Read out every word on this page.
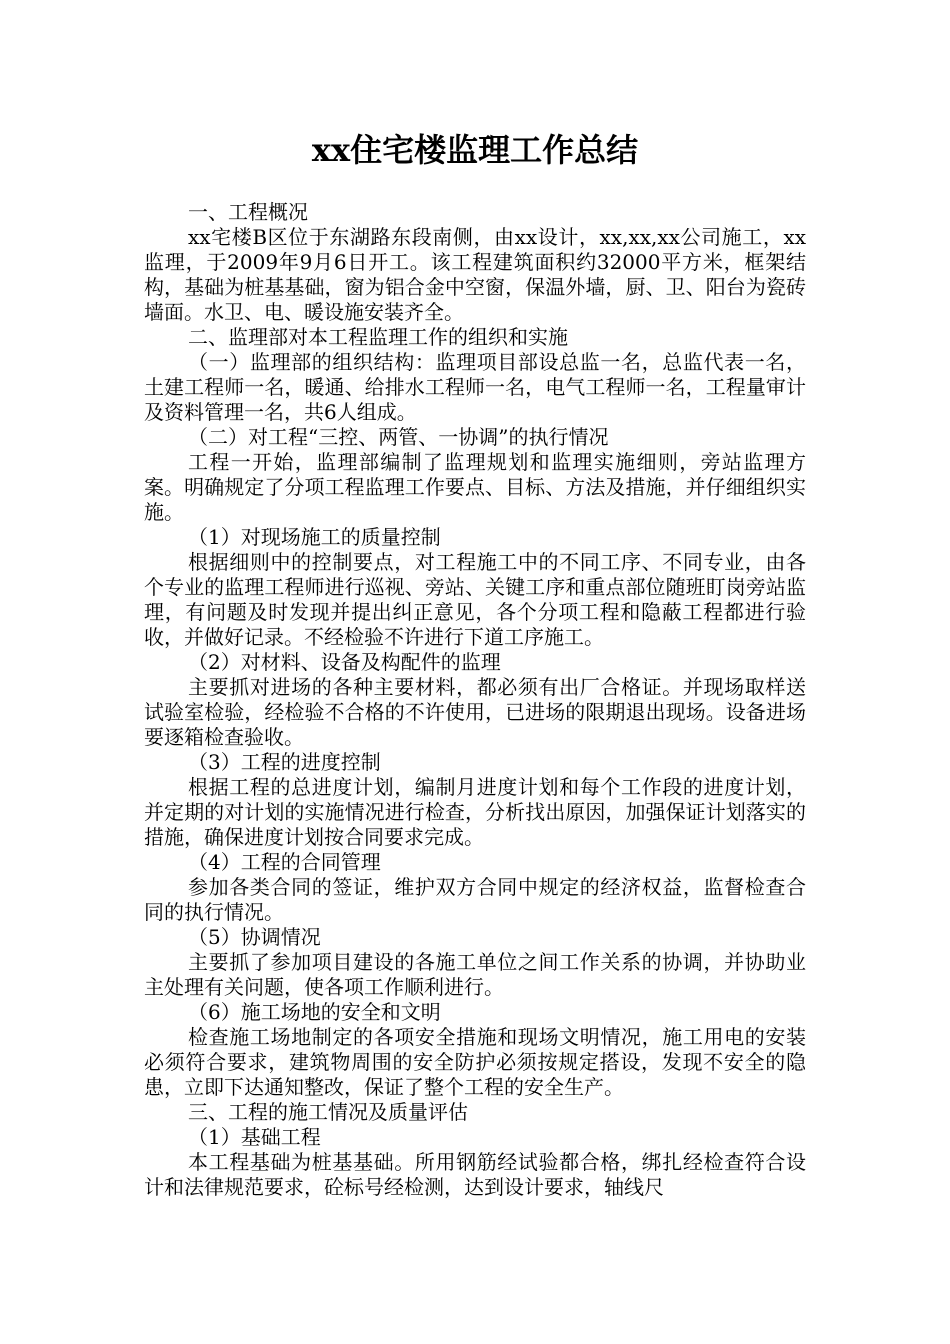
xx住宅楼监理工作总结

一、工程概况

xx宅楼B区位于东湖路东段南侧，由xx设计，xx,xx,xx公司施工，xx监理，于2009年9月6日开工。该工程建筑面积约32000平方米，框架结构，基础为桩基基础，窗为铝合金中空窗，保温外墙，厨、卫、阳台为瓷砖墙面。水卫、电、暖设施安装齐全。

二、监理部对本工程监理工作的组织和实施

（一）监理部的组织结构：监理项目部设总监一名，总监代表一名，土建工程师一名，暖通、给排水工程师一名，电气工程师一名，工程量审计及资料管理一名，共6人组成。

（二）对工程“三控、两管、一协调”的执行情况

工程一开始，监理部编制了监理规划和监理实施细则，旁站监理方案。明确规定了分项工程监理工作要点、目标、方法及措施，并仔细组织实施。

（1）对现场施工的质量控制

根据细则中的控制要点，对工程施工中的不同工序、不同专业，由各个专业的监理工程师进行巡视、旁站、关键工序和重点部位随班盯岗旁站监理，有问题及时发现并提出纠正意见，各个分项工程和隐蔽工程都进行验收，并做好记录。不经检验不许进行下道工序施工。

（2）对材料、设备及构配件的监理

主要抓对进场的各种主要材料，都必须有出厂合格证。并现场取样送试验室检验，经检验不合格的不许使用，已进场的限期退出现场。设备进场要逐箱检查验收。

（3）工程的进度控制

根据工程的总进度计划，编制月进度计划和每个工作段的进度计划，并定期的对计划的实施情况进行检查，分析找出原因，加强保证计划落实的措施，确保进度计划按合同要求完成。

（4）工程的合同管理

参加各类合同的签证，维护双方合同中规定的经济权益，监督检查合同的执行情况。

（5）协调情况

主要抓了参加项目建设的各施工单位之间工作关系的协调，并协助业主处理有关问题，使各项工作顺利进行。

（6）施工场地的安全和文明

检查施工场地制定的各项安全措施和现场文明情况，施工用电的安装必须符合要求，建筑物周围的安全防护必须按规定搭设，发现不安全的隐患，立即下达通知整改，保证了整个工程的安全生产。

三、工程的施工情况及质量评估

（1）基础工程

本工程基础为桩基基础。所用钢筋经试验都合格，绑扎经检查符合设计和法律规范要求，砼标号经检测，达到设计要求，轴线尺
